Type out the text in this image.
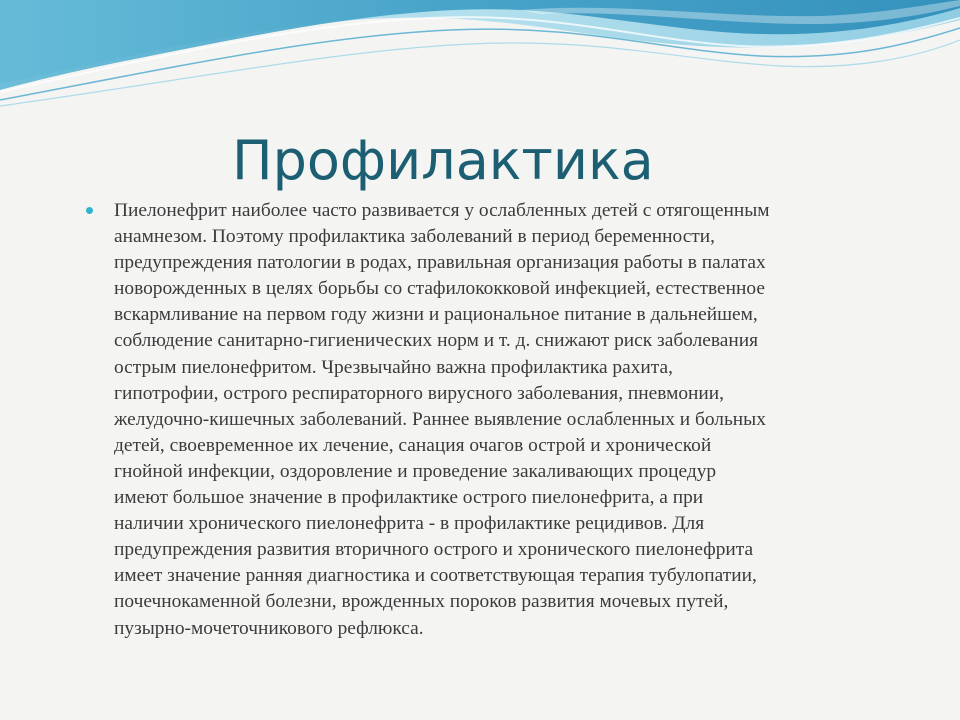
Профилактика

Пиелонефрит наиболее часто развивается у ослабленных детей с отягощенным
анамнезом. Поэтому профилактика заболеваний в период беременности,
предупреждения патологии в родах, правильная организация работы в палатах
новорожденных в целях борьбы со стафилококковой инфекцией, естественное
вскармливание на первом году жизни и рациональное питание в дальнейшем,
соблюдение санитарно-гигиенических норм и т. д. снижают риск заболевания
острым пиелонефритом. Чрезвычайно важна профилактика рахита,
гипотрофии, острого респираторного вирусного заболевания, пневмонии,
желудочно-кишечных заболеваний. Раннее выявление ослабленных и больных
детей, своевременное их лечение, санация очагов острой и хронической
гнойной инфекции, оздоровление и проведение закаливающих процедур
имеют большое значение в профилактике острого пиелонефрита, а при
наличии хронического пиелонефрита - в профилактике рецидивов. Для
предупреждения развития вторичного острого и хронического пиелонефрита
имеет значение ранняя диагностика и соответствующая терапия тубулопатии,
почечнокаменной болезни, врожденных пороков развития мочевых путей,
пузырно-мочеточникового рефлюкса.
